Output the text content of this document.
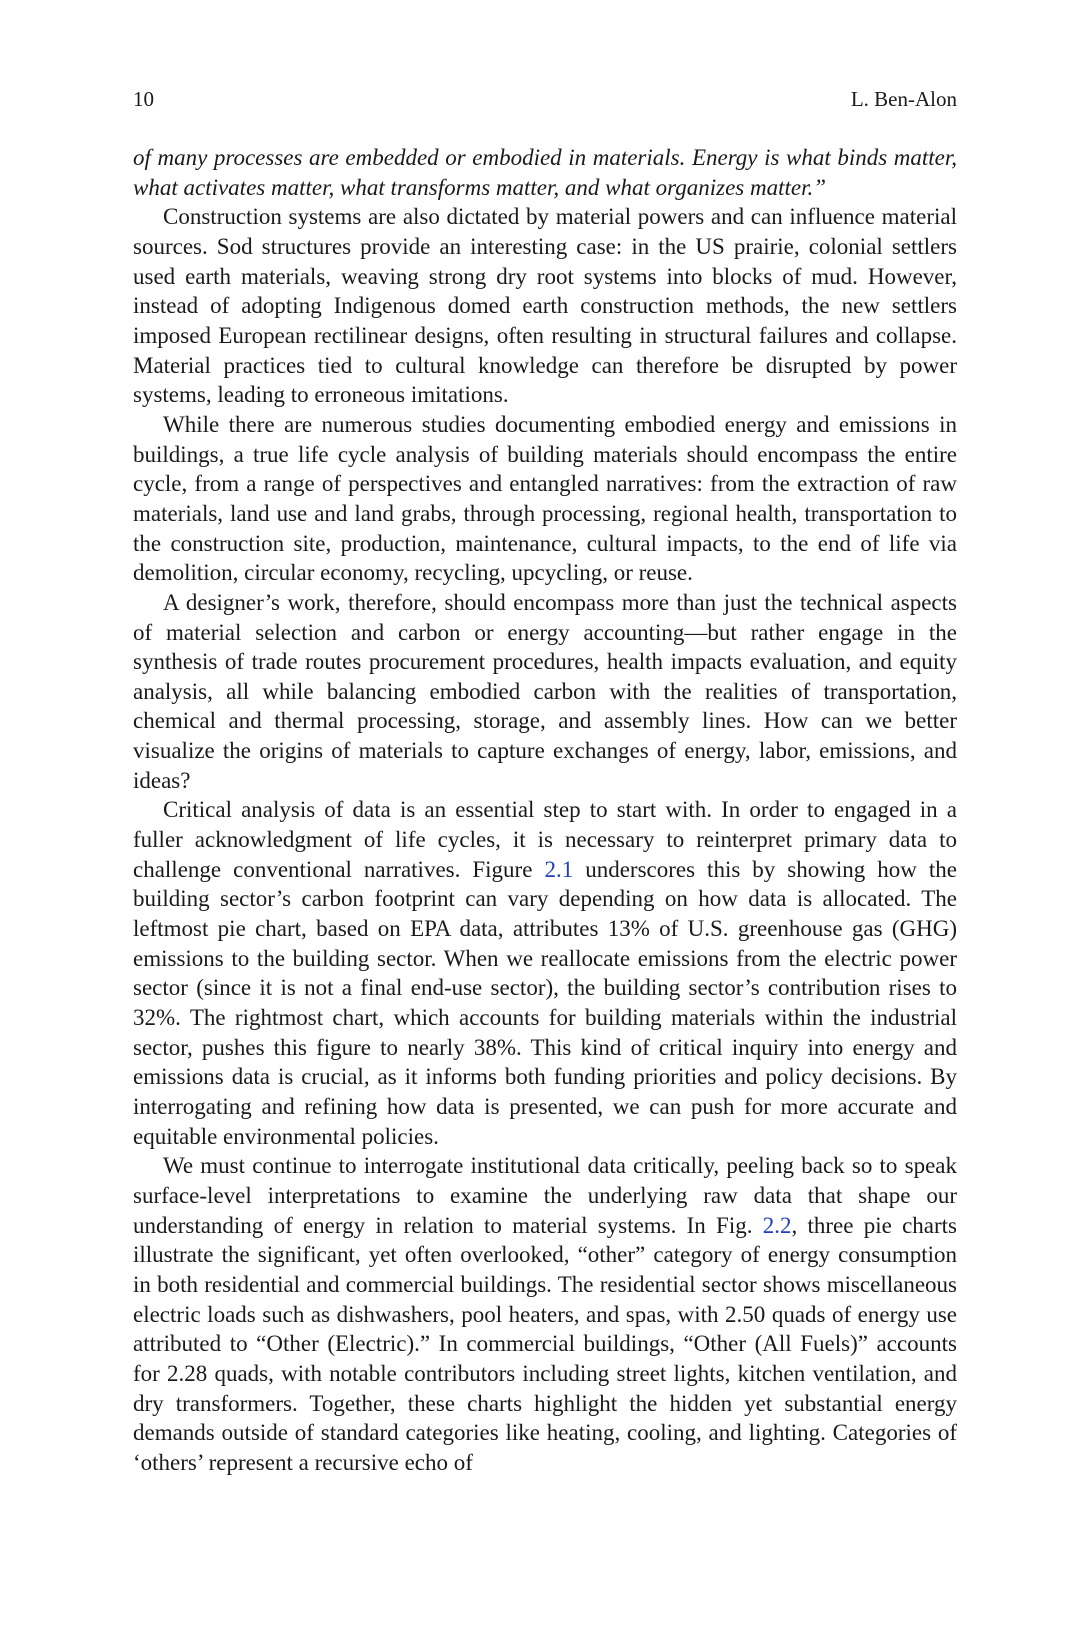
10	L. Ben-Alon

of many processes are embedded or embodied in materials. Energy is what binds matter, what activates matter, what transforms matter, and what organizes matter.”

Construction systems are also dictated by material powers and can influence material sources. Sod structures provide an interesting case: in the US prairie, colonial settlers used earth materials, weaving strong dry root systems into blocks of mud. However, instead of adopting Indigenous domed earth construction methods, the new settlers imposed European rectilinear designs, often resulting in structural failures and collapse. Material practices tied to cultural knowledge can therefore be disrupted by power systems, leading to erroneous imitations.

While there are numerous studies documenting embodied energy and emissions in buildings, a true life cycle analysis of building materials should encompass the entire cycle, from a range of perspectives and entangled narratives: from the extraction of raw materials, land use and land grabs, through processing, regional health, transportation to the construction site, production, maintenance, cultural impacts, to the end of life via demolition, circular economy, recycling, upcycling, or reuse.

A designer’s work, therefore, should encompass more than just the technical aspects of material selection and carbon or energy accounting—but rather engage in the synthesis of trade routes procurement procedures, health impacts evaluation, and equity analysis, all while balancing embodied carbon with the realities of transportation, chemical and thermal processing, storage, and assembly lines. How can we better visualize the origins of materials to capture exchanges of energy, labor, emissions, and ideas?

Critical analysis of data is an essential step to start with. In order to engaged in a fuller acknowledgment of life cycles, it is necessary to reinterpret primary data to challenge conventional narratives. Figure 2.1 underscores this by showing how the building sector’s carbon footprint can vary depending on how data is allocated. The leftmost pie chart, based on EPA data, attributes 13% of U.S. greenhouse gas (GHG) emissions to the building sector. When we reallocate emissions from the electric power sector (since it is not a final end-use sector), the building sector’s contribution rises to 32%. The rightmost chart, which accounts for building materials within the industrial sector, pushes this figure to nearly 38%. This kind of critical inquiry into energy and emissions data is crucial, as it informs both funding priorities and policy decisions. By interrogating and refining how data is presented, we can push for more accurate and equitable environmental policies.

We must continue to interrogate institutional data critically, peeling back so to speak surface-level interpretations to examine the underlying raw data that shape our understanding of energy in relation to material systems. In Fig. 2.2, three pie charts illustrate the significant, yet often overlooked, “other” category of energy consumption in both residential and commercial buildings. The residential sector shows miscellaneous electric loads such as dishwashers, pool heaters, and spas, with 2.50 quads of energy use attributed to “Other (Electric).” In commercial buildings, “Other (All Fuels)” accounts for 2.28 quads, with notable contributors including street lights, kitchen ventilation, and dry transformers. Together, these charts highlight the hidden yet substantial energy demands outside of standard categories like heating, cooling, and lighting. Categories of ‘others’ represent a recursive echo of
